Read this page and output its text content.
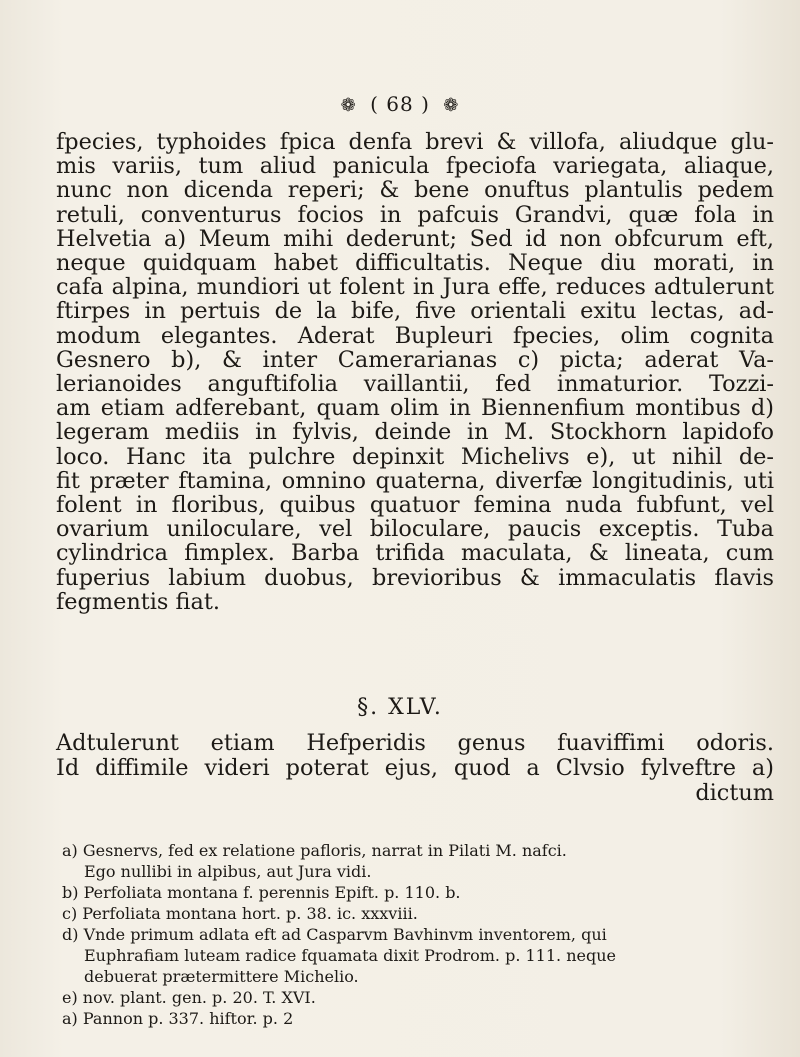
❁ ( 68 ) ❁

fpecies, typhoides fpica denfa brevi & villofa, aliudque glu-

mis variis, tum aliud panicula fpeciofa variegata, aliaque,

nunc non dicenda reperi; & bene onuftus plantulis pedem

retuli, conventurus focios in pafcuis Grandvi, quæ fola in

Helvetia a) Meum mihi dederunt; Sed id non obfcurum eft,

neque quidquam habet difficultatis. Neque diu morati, in

cafa alpina, mundiori ut folent in Jura effe, reduces adtulerunt

ftirpes in pertuis de la bife, five orientali exitu lectas, ad-

modum elegantes. Aderat Bupleuri fpecies, olim cognita

Gesnero b), & inter Camerarianas c) picta; aderat Va-

lerianoides anguftifolia vaillantii, fed inmaturior. Tozzi-

am etiam adferebant, quam olim in Biennenfium montibus d)

legeram mediis in fylvis, deinde in M. Stockhorn lapidofo

loco. Hanc ita pulchre depinxit Michelivs e), ut nihil de-

fit præter ftamina, omnino quaterna, diverfæ longitudinis, uti

folent in floribus, quibus quatuor femina nuda fubfunt, vel

ovarium uniloculare, vel biloculare, paucis exceptis. Tuba

cylindrica fimplex. Barba trifida maculata, & lineata, cum

fuperius labium duobus, brevioribus & immaculatis flavis

fegmentis fiat.

§. XLV.

Adtulerunt etiam Hefperidis genus fuaviffimi odoris.

Id diffimile videri poterat ejus, quod a Clvsio fylveftre a)

dictum

a) Gesnervs, fed ex relatione pafloris, narrat in Pilati M. nafci.

Ego nullibi in alpibus, aut Jura vidi.

b) Perfoliata montana f. perennis Epift. p. 110. b.

c) Perfoliata montana hort. p. 38. ic. xxxviii.

d) Vnde primum adlata eft ad Casparvm Bavhinvm inventorem, qui

Euphrafiam luteam radice fquamata dixit Prodrom. p. 111. neque

debuerat prætermittere Michelio.

e) nov. plant. gen. p. 20. T. XVI.

a) Pannon p. 337. hiftor. p. 2
